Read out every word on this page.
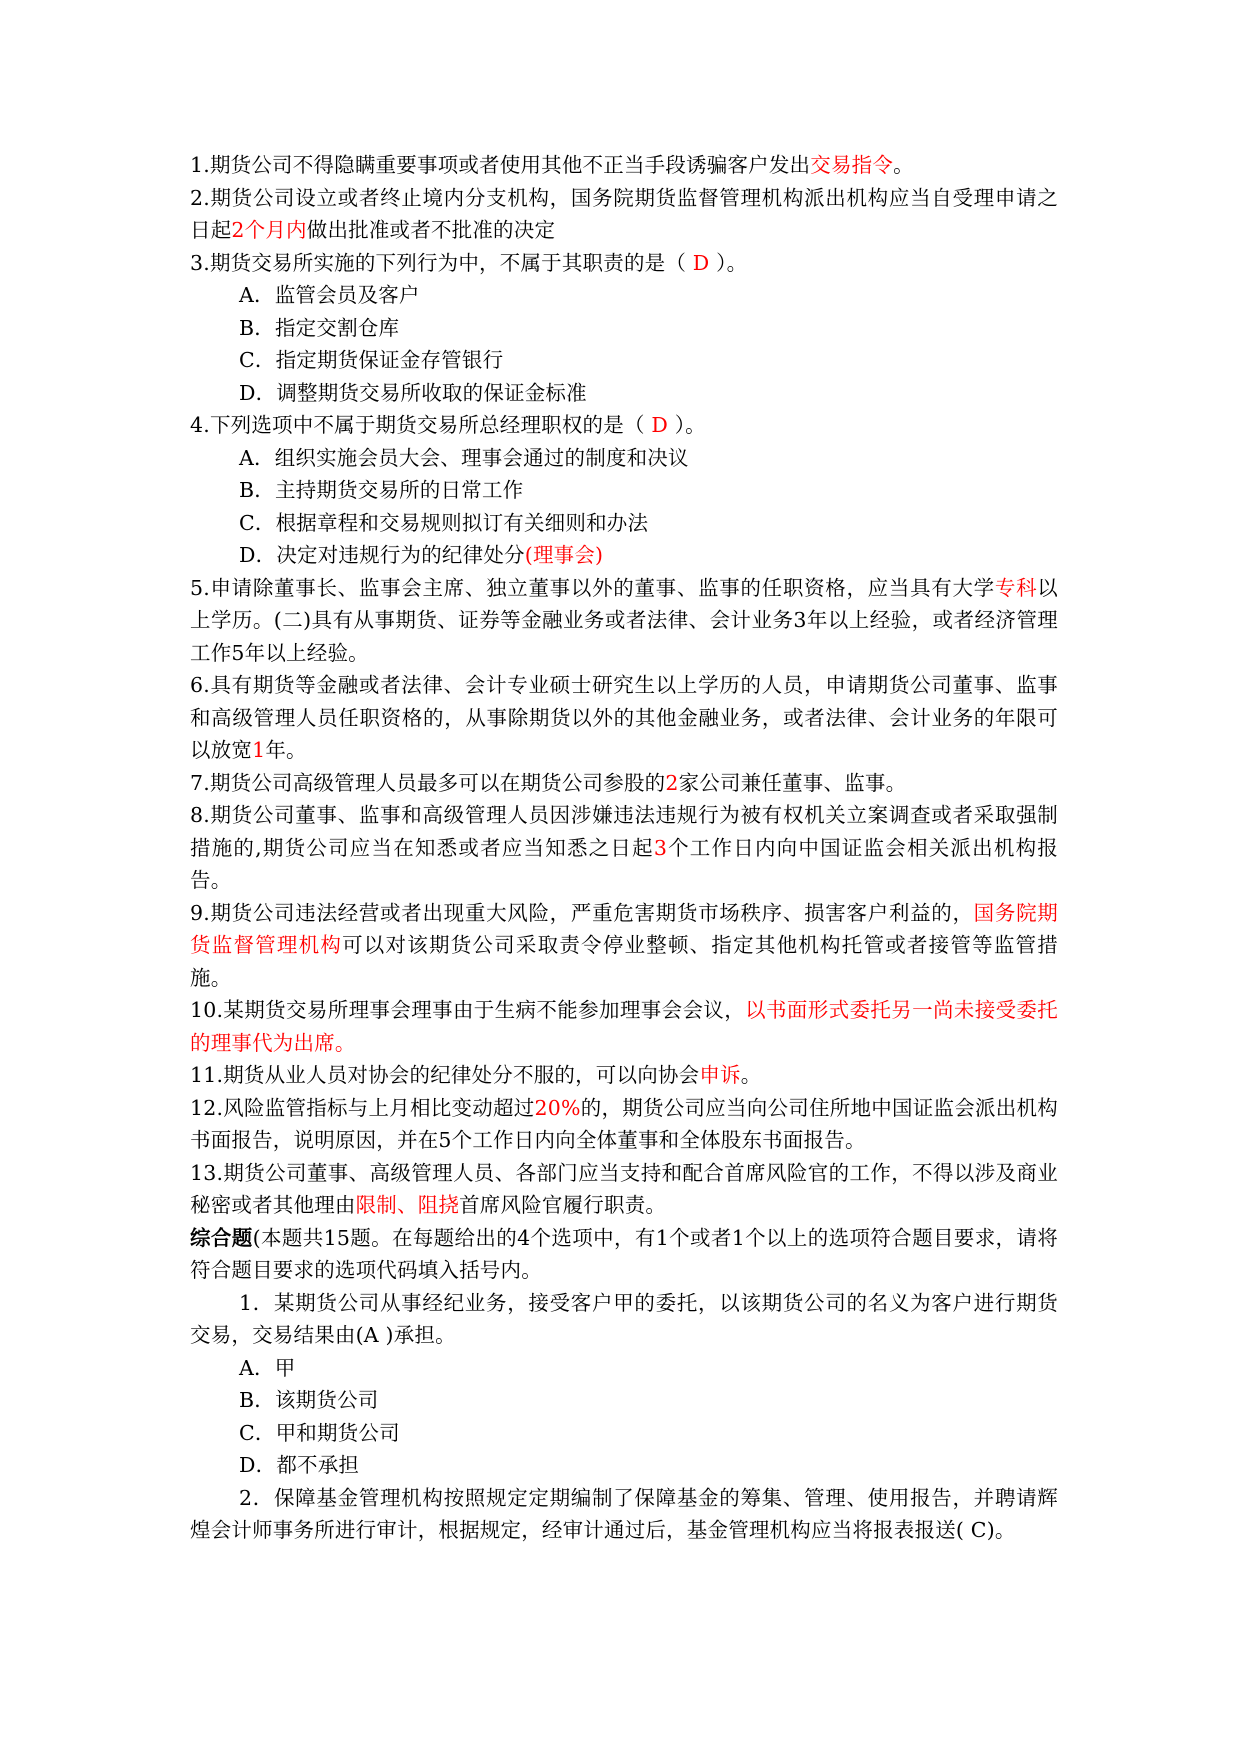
1.期货公司不得隐瞒重要事项或者使用其他不正当手段诱骗客户发出交易指令。

2.期货公司设立或者终止境内分支机构，国务院期货监督管理机构派出机构应当自受理申请之日起2个月内做出批准或者不批准的决定

3.期货交易所实施的下列行为中，不属于其职责的是（ D ）。

A．监管会员及客户

B．指定交割仓库

C．指定期货保证金存管银行

D．调整期货交易所收取的保证金标准

4.下列选项中不属于期货交易所总经理职权的是（ D ）。

A．组织实施会员大会、理事会通过的制度和决议

B．主持期货交易所的日常工作

C．根据章程和交易规则拟订有关细则和办法

D．决定对违规行为的纪律处分(理事会)

5.申请除董事长、监事会主席、独立董事以外的董事、监事的任职资格，应当具有大学专科以上学历。(二)具有从事期货、证券等金融业务或者法律、会计业务3年以上经验，或者经济管理工作5年以上经验。

6.具有期货等金融或者法律、会计专业硕士研究生以上学历的人员，申请期货公司董事、监事和高级管理人员任职资格的，从事除期货以外的其他金融业务，或者法律、会计业务的年限可以放宽1年。

7.期货公司高级管理人员最多可以在期货公司参股的2家公司兼任董事、监事。

8.期货公司董事、监事和高级管理人员因涉嫌违法违规行为被有权机关立案调查或者采取强制措施的,期货公司应当在知悉或者应当知悉之日起3个工作日内向中国证监会相关派出机构报告。

9.期货公司违法经营或者出现重大风险，严重危害期货市场秩序、损害客户利益的，国务院期货监督管理机构可以对该期货公司采取责令停业整顿、指定其他机构托管或者接管等监管措施。

10.某期货交易所理事会理事由于生病不能参加理事会会议，以书面形式委托另一尚未接受委托的理事代为出席。

11.期货从业人员对协会的纪律处分不服的，可以向协会申诉。

12.风险监管指标与上月相比变动超过20%的，期货公司应当向公司住所地中国证监会派出机构书面报告，说明原因，并在5个工作日内向全体董事和全体股东书面报告。

13.期货公司董事、高级管理人员、各部门应当支持和配合首席风险官的工作，不得以涉及商业秘密或者其他理由限制、阻挠首席风险官履行职责。

综合题(本题共15题。在每题给出的4个选项中，有1个或者1个以上的选项符合题目要求，请将符合题目要求的选项代码填入括号内。

1．某期货公司从事经纪业务，接受客户甲的委托，以该期货公司的名义为客户进行期货交易，交易结果由(A )承担。

A．甲

B．该期货公司

C．甲和期货公司

D．都不承担

2．保障基金管理机构按照规定定期编制了保障基金的筹集、管理、使用报告，并聘请辉煌会计师事务所进行审计，根据规定，经审计通过后，基金管理机构应当将报表报送( C)。
